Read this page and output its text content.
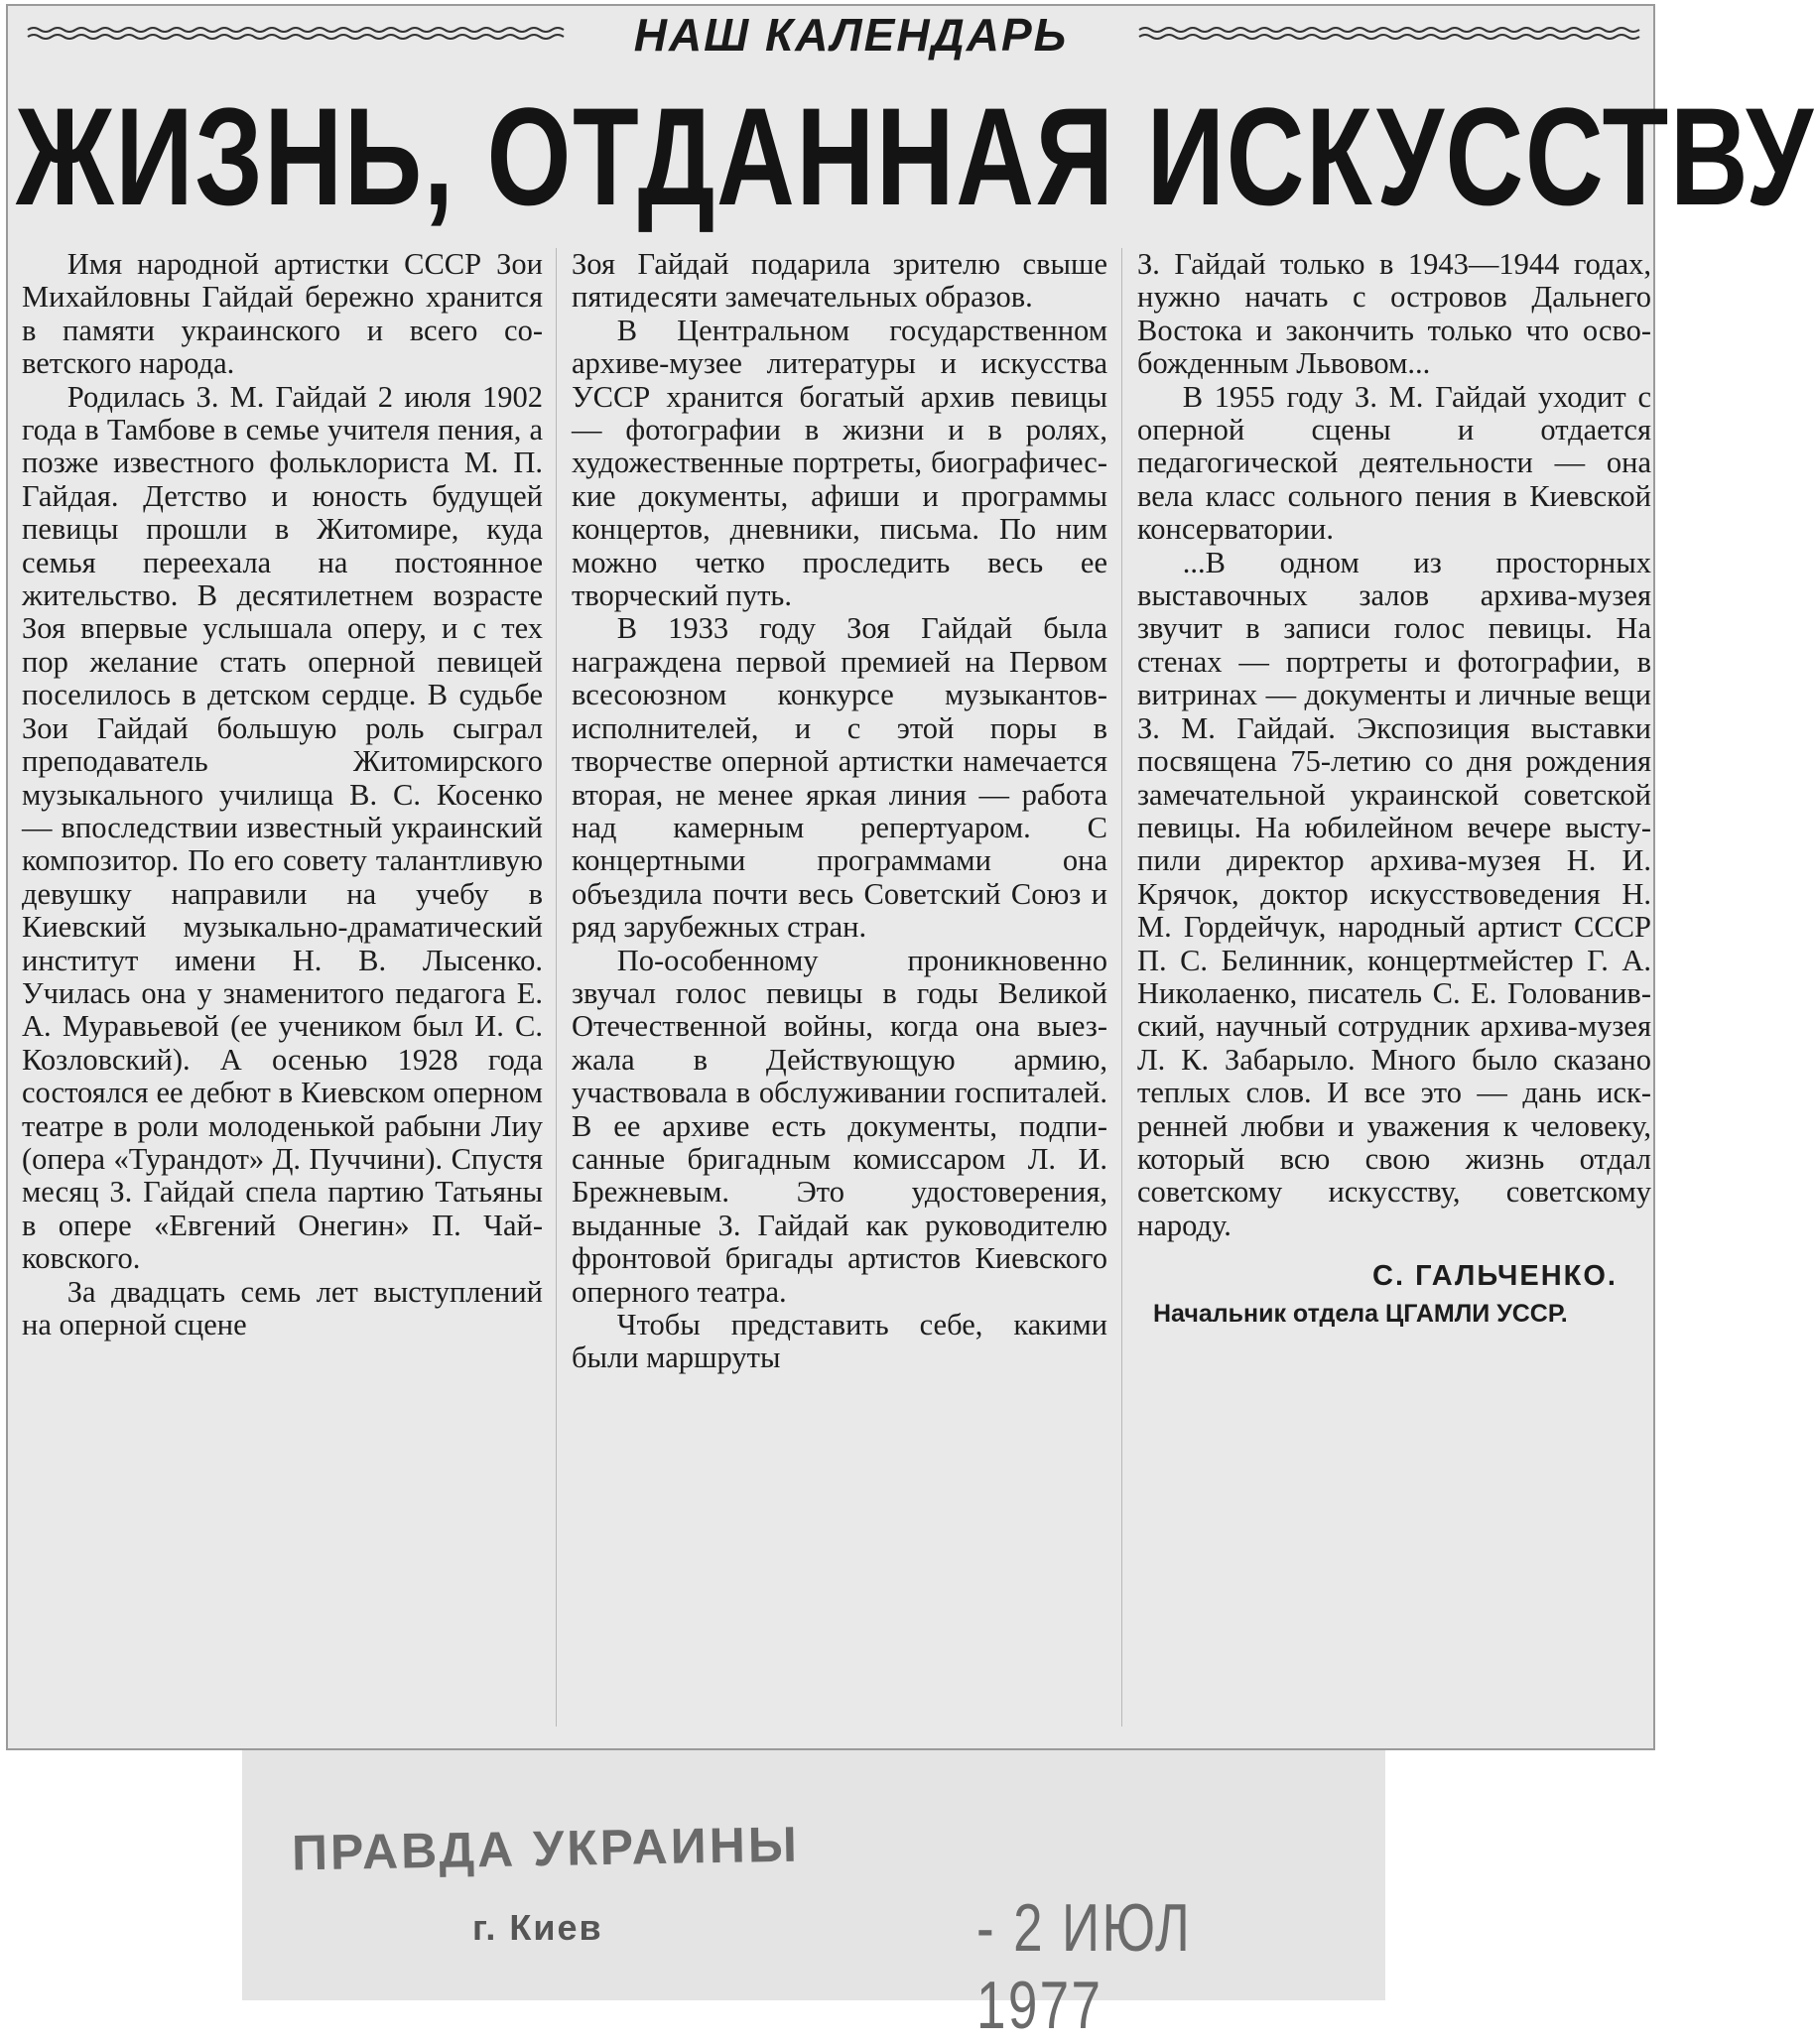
НАШ КАЛЕНДАРЬ
ЖИЗНЬ, ОТДАННАЯ ИСКУССТВУ

Имя народной артистки СССР Зои Михайловны Гайдай бережно хранится в памяти украинского и всего советского народа.

Родилась З. М. Гайдай 2 июля 1902 года в Тамбове в семье учителя пения, а позже известного фольклориста М. П. Гайдая. Детство и юность будущей певицы прошли в Житомире, куда семья переехала на постоянное жительство. В десятилетнем возрасте Зоя впервые услышала оперу, и с тех пор желание стать оперной певицей поселилось в детском сердце. В судьбе Зои Гайдай большую роль сыграл преподаватель Житомирского музыкального училища В. С. Косенко — впоследствии известный украинский композитор. По его совету талантливую девушку направили на учебу в Киевский музыкально-драматический институт имени Н. В. Лысенко. Училась она у знаменитого педагога Е. А. Муравьевой (ее учеником был И. С. Козловский). А осенью 1928 года состоялся ее дебют в Киевском оперном театре в роли молоденькой рабыни Лиу (опера «Турандот» Д. Пуччини). Спустя месяц З. Гайдай спела партию Татьяны в опере «Евгений Онегин» П. Чайковского.

За двадцать семь лет выступлений на оперной сцене

Зоя Гайдай подарила зрителю свыше пятидесяти замечательных образов.

В Центральном государственном архиве-музее литературы и искусства УССР хранится богатый архив певицы — фотографии в жизни и в ролях, художественные портреты, биографические документы, афиши и программы концертов, дневники, письма. По ним можно четко проследить весь ее творческий путь.

В 1933 году Зоя Гайдай была награждена первой премией на Первом всесоюзном конкурсе музыкантов-исполнителей, и с этой поры в творчестве оперной артистки намечается вторая, не менее яркая линия — работа над камерным репертуаром. С концертными программами она объездила почти весь Советский Союз и ряд зарубежных стран.

По-особенному проникновенно звучал голос певицы в годы Великой Отечественной войны, когда она выезжала в Действующую армию, участвовала в обслуживании госпиталей. В ее архиве есть документы, подписанные бригадным комиссаром Л. И. Брежневым. Это удостоверения, выданные З. Гайдай как руководителю фронтовой бригады артистов Киевского оперного театра.

Чтобы представить себе, какими были маршруты

З. Гайдай только в 1943—1944 годах, нужно начать с островов Дальнего Востока и закончить только что освобожденным Львовом...

В 1955 году З. М. Гайдай уходит с оперной сцены и отдается педагогической деятельности — она вела класс сольного пения в Киевской консерватории.

...В одном из просторных выставочных залов архива-музея звучит в записи голос певицы. На стенах — портреты и фотографии, в витринах — документы и личные вещи З. М. Гайдай. Экспозиция выставки посвящена 75-летию со дня рождения замечательной украинской советской певицы. На юбилейном вечере выступили директор архива-музея Н. И. Крячок, доктор искусствоведения Н. М. Гордейчук, народный артист СССР П. С. Белинник, концертмейстер Г. А. Николаенко, писатель С. Е. Голованивский, научный сотрудник архива-музея Л. К. Забарыло. Много было сказано теплых слов. И все это — дань искренней любви и уважения к человеку, который всю свою жизнь отдал советскому искусству, советскому народу.

С. ГАЛЬЧЕНКО.
Начальник отдела ЦГАМЛИ УССР.
ПРАВДА УКРАИНЫ
г. Киев	- 2 ИЮЛ 1977
